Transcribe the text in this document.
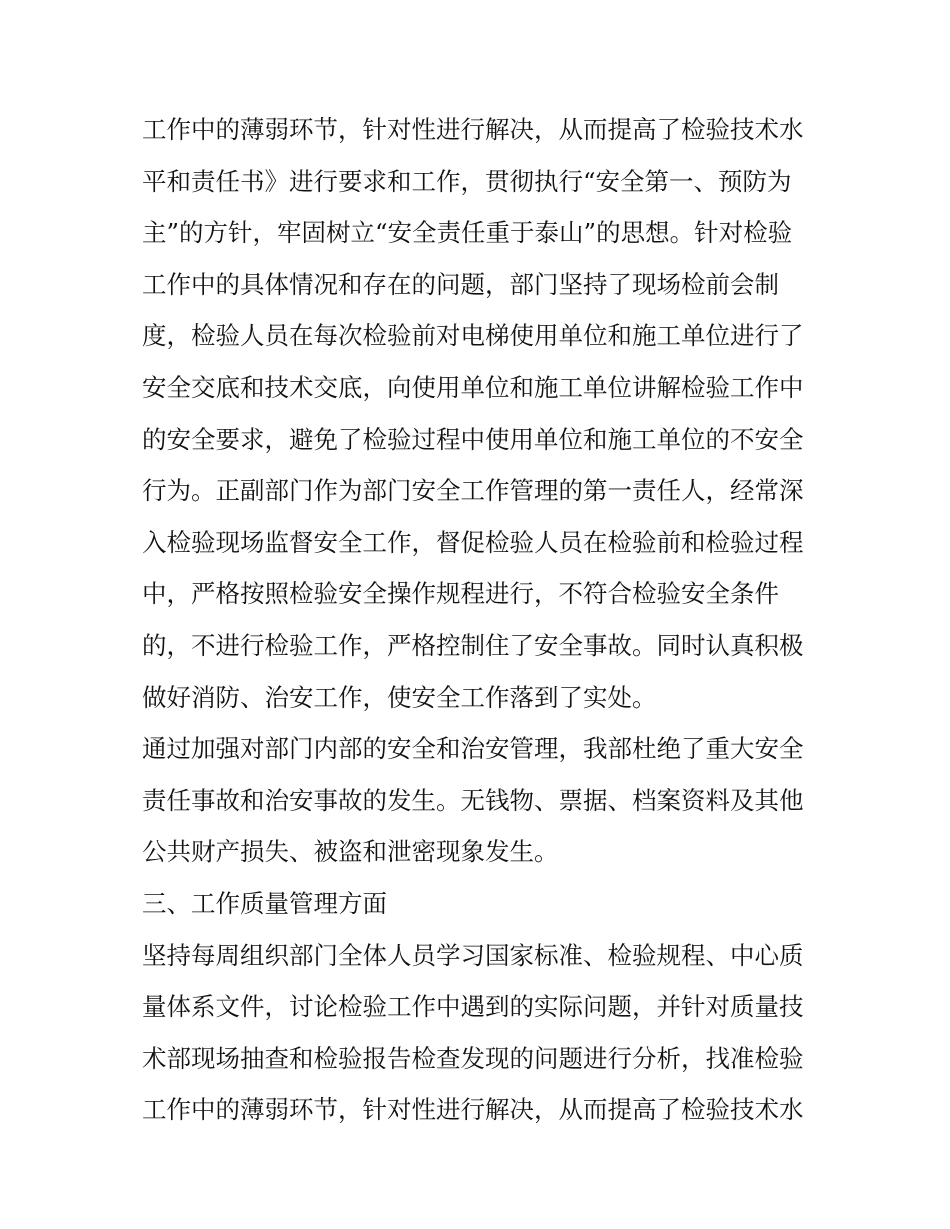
工作中的薄弱环节，针对性进行解决，从而提高了检验技术水
平和责任书》进行要求和工作，贯彻执行“安全第一、预防为
主”的方针，牢固树立“安全责任重于泰山”的思想。针对检验
工作中的具体情况和存在的问题，部门坚持了现场检前会制
度，检验人员在每次检验前对电梯使用单位和施工单位进行了
安全交底和技术交底，向使用单位和施工单位讲解检验工作中
的安全要求，避免了检验过程中使用单位和施工单位的不安全
行为。正副部门作为部门安全工作管理的第一责任人，经常深
入检验现场监督安全工作，督促检验人员在检验前和检验过程
中，严格按照检验安全操作规程进行，不符合检验安全条件
的，不进行检验工作，严格控制住了安全事故。同时认真积极
做好消防、治安工作，使安全工作落到了实处。
通过加强对部门内部的安全和治安管理，我部杜绝了重大安全
责任事故和治安事故的发生。无钱物、票据、档案资料及其他
公共财产损失、被盗和泄密现象发生。
三、工作质量管理方面
坚持每周组织部门全体人员学习国家标准、检验规程、中心质
量体系文件，讨论检验工作中遇到的实际问题，并针对质量技
术部现场抽查和检验报告检查发现的问题进行分析，找准检验
工作中的薄弱环节，针对性进行解决，从而提高了检验技术水
